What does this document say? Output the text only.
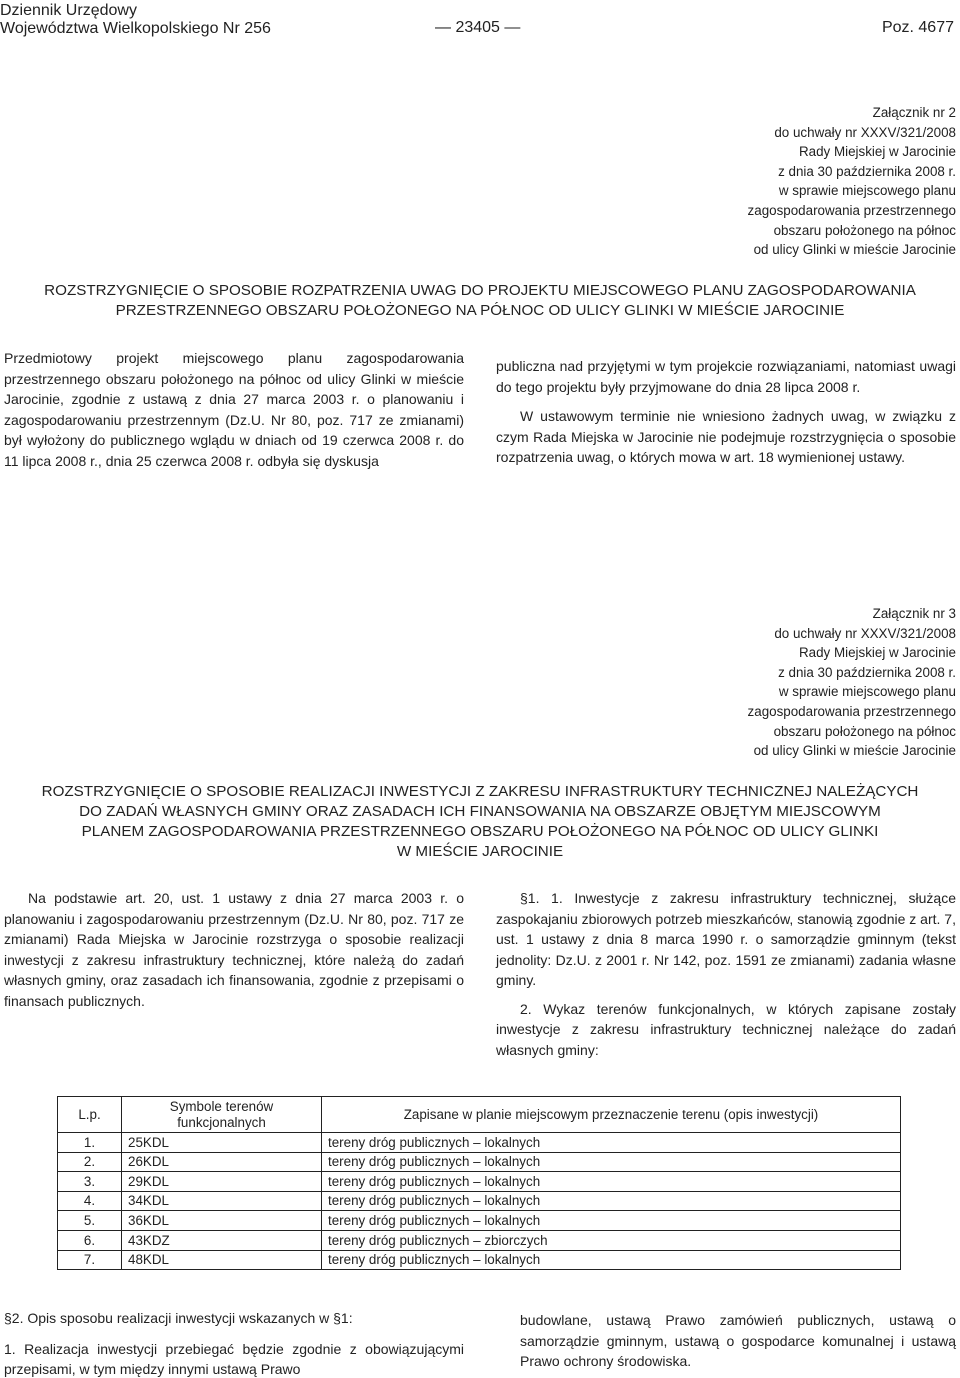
Dziennik Urzędowy
Województwa Wielkopolskiego Nr 256	— 23405 —	Poz. 4677
Załącznik nr 2
do uchwały nr XXXV/321/2008
Rady Miejskiej w Jarocinie
z dnia 30 października 2008 r.
w sprawie miejscowego planu
zagospodarowania przestrzennego
obszaru położonego na północ
od ulicy Glinki w mieście Jarocinie
ROZSTRZYGNIĘCIE O SPOSOBIE ROZPATRZENIA UWAG DO PROJEKTU MIEJSCOWEGO PLANU ZAGOSPODAROWANIA
PRZESTRZENNEGO OBSZARU POŁOŻONEGO NA PÓŁNOC OD ULICY GLINKI W MIEŚCIE JAROCINIE

Przedmiotowy projekt miejscowego planu zagospodarowania przestrzennego obszaru położonego na północ od ulicy Glinki w mieście Jarocinie, zgodnie z ustawą z dnia 27 marca 2003 r. o planowaniu i zagospodarowaniu przestrzennym (Dz.U. Nr 80, poz. 717 ze zmianami) był wyłożony do publicznego wglądu w dniach od 19 czerwca 2008 r. do 11 lipca 2008 r., dnia 25 czerwca 2008 r. odbyła się dyskusja

publiczna nad przyjętymi w tym projekcie rozwiązaniami, natomiast uwagi do tego projektu były przyjmowane do dnia 28 lipca 2008 r.

W ustawowym terminie nie wniesiono żadnych uwag, w związku z czym Rada Miejska w Jarocinie nie podejmuje rozstrzygnięcia o sposobie rozpatrzenia uwag, o których mowa w art. 18 wymienionej ustawy.

Załącznik nr 3
do uchwały nr XXXV/321/2008
Rady Miejskiej w Jarocinie
z dnia 30 października 2008 r.
w sprawie miejscowego planu
zagospodarowania przestrzennego
obszaru położonego na północ
od ulicy Glinki w mieście Jarocinie
ROZSTRZYGNIĘCIE O SPOSOBIE REALIZACJI INWESTYCJI Z ZAKRESU INFRASTRUKTURY TECHNICZNEJ NALEŻĄCYCH
DO ZADAŃ WŁASNYCH GMINY ORAZ ZASADACH ICH FINANSOWANIA NA OBSZARZE OBJĘTYM MIEJSCOWYM
PLANEM ZAGOSPODAROWANIA PRZESTRZENNEGO OBSZARU POŁOŻONEGO NA PÓŁNOC OD ULICY GLINKI
W MIEŚCIE JAROCINIE

Na podstawie art. 20, ust. 1 ustawy z dnia 27 marca 2003 r. o planowaniu i zagospodarowaniu przestrzennym (Dz.U. Nr 80, poz. 717 ze zmianami) Rada Miejska w Jarocinie rozstrzyga o sposobie realizacji inwestycji z zakresu infrastruktury technicznej, które należą do zadań własnych gminy, oraz zasadach ich finansowania, zgodnie z przepisami o finansach publicznych.

§1. 1. Inwestycje z zakresu infrastruktury technicznej, służące zaspokajaniu zbiorowych potrzeb mieszkańców, stanowią zgodnie z art. 7, ust. 1 ustawy z dnia 8 marca 1990 r. o samorządzie gminnym (tekst jednolity: Dz.U. z 2001 r. Nr 142, poz. 1591 ze zmianami) zadania własne gminy.

2. Wykaz terenów funkcjonalnych, w których zapisane zostały inwestycje z zakresu infrastruktury technicznej należące do zadań własnych gminy:

L.p.	Symbole terenów funkcjonalnych	Zapisane w planie miejscowym przeznaczenie terenu (opis inwestycji)
1.	25KDL	tereny dróg publicznych – lokalnych
2.	26KDL	tereny dróg publicznych – lokalnych
3.	29KDL	tereny dróg publicznych – lokalnych
4.	34KDL	tereny dróg publicznych – lokalnych
5.	36KDL	tereny dróg publicznych – lokalnych
6.	43KDZ	tereny dróg publicznych – zbiorczych
7.	48KDL	tereny dróg publicznych – lokalnych

§2. Opis sposobu realizacji inwestycji wskazanych w §1:

1. Realizacja inwestycji przebiegać będzie zgodnie z obowiązującymi przepisami, w tym między innymi ustawą Prawo

budowlane, ustawą Prawo zamówień publicznych, ustawą o samorządzie gminnym, ustawą o gospodarce komunalnej i ustawą Prawo ochrony środowiska.
